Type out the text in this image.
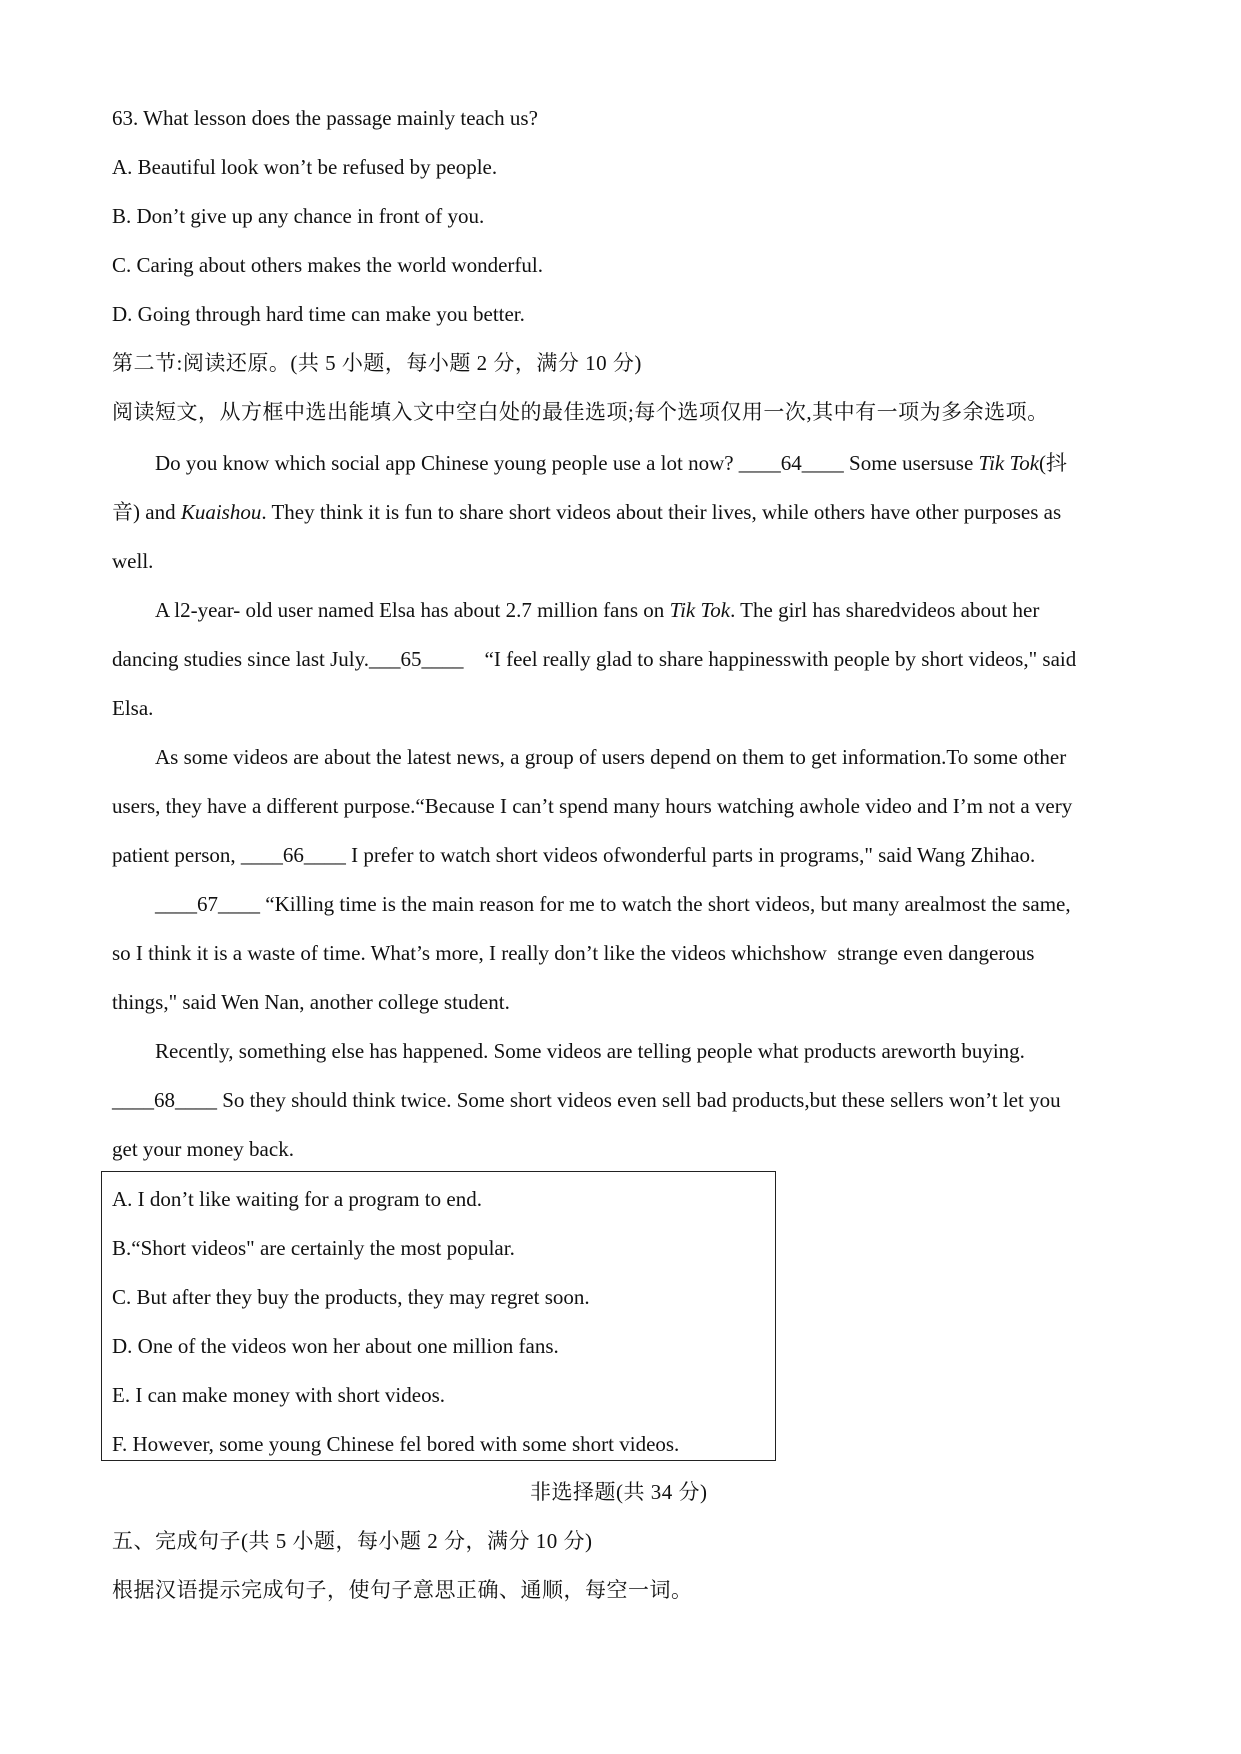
63. What lesson does the passage mainly teach us?
A. Beautiful look won’t be refused by people.
B. Don’t give up any chance in front of you.
C. Caring about others makes the world wonderful.
D. Going through hard time can make you better.
第二节:阅读还原。(共 5 小题，每小题 2 分，满分 10 分)
阅读短文，从方框中选出能填入文中空白处的最佳选项;每个选项仅用一次,其中有一项为多余选项。
Do you know which social app Chinese young people use a lot now? ____64____ Some usersuse Tik Tok(抖
音) and Kuaishou. They think it is fun to share short videos about their lives, while others have other purposes as
well.
A l2-year- old user named Elsa has about 2.7 million fans on Tik Tok. The girl has sharedvideos about her
dancing studies since last July.___65____    “I feel really glad to share happinesswith people by short videos," said
Elsa.
As some videos are about the latest news, a group of users depend on them to get information.To some other
users, they have a different purpose.“Because I can’t spend many hours watching awhole video and I’m not a very
patient person, ____66____ I prefer to watch short videos ofwonderful parts in programs," said Wang Zhihao.
____67____ “Killing time is the main reason for me to watch the short videos, but many arealmost the same,
so I think it is a waste of time. What’s more, I really don’t like the videos whichshow  strange even dangerous
things," said Wen Nan, another college student.
Recently, something else has happened. Some videos are telling people what products areworth buying.
____68____ So they should think twice. Some short videos even sell bad products,but these sellers won’t let you
get your money back.
A. I don’t like waiting for a program to end.
B.“Short videos" are certainly the most popular.
C. But after they buy the products, they may regret soon.
D. One of the videos won her about one million fans.
E. I can make money with short videos.
F. However, some young Chinese fel bored with some short videos.
非选择题(共 34 分)
五、完成句子(共 5 小题，每小题 2 分，满分 10 分)
根据汉语提示完成句子，使句子意思正确、通顺，每空一词。
